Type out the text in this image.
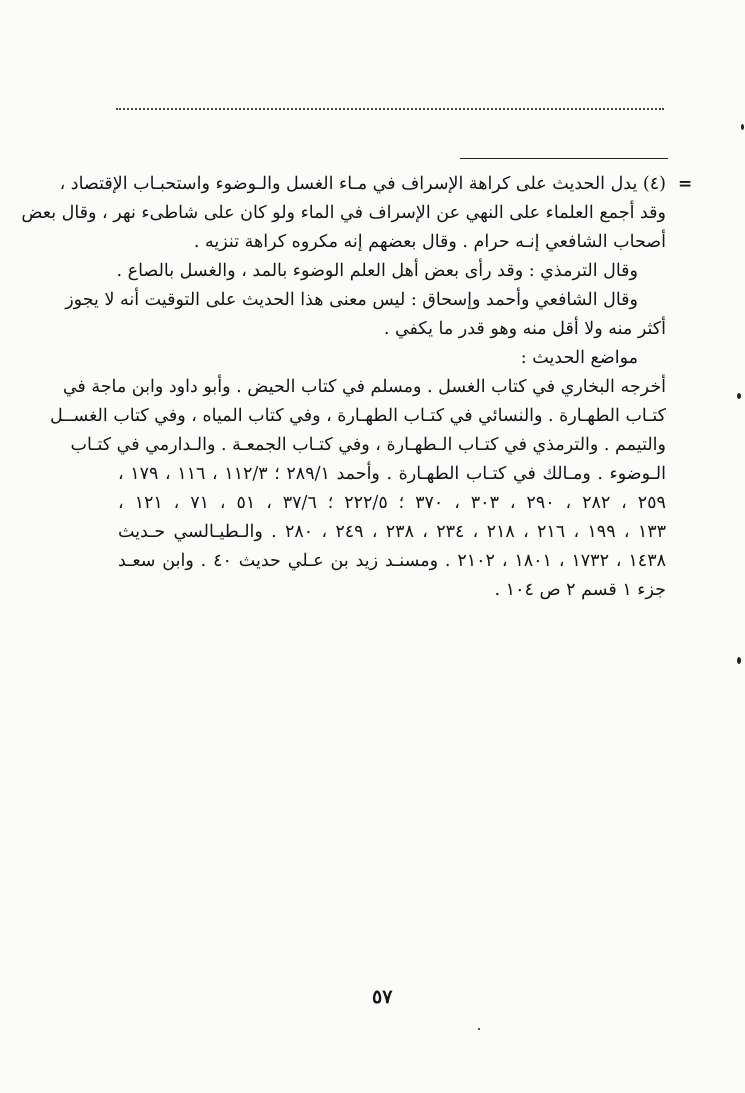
=
(٤) يدل الحديث على كراهة الإسراف في مـاء الغسل والـوضوء واستحبـاب الإقتصاد ،
وقد أجمع العلماء على النهي عن الإسراف في الماء ولو كان على شاطىء نهر ، وقال بعض
أصحاب الشافعي إنـه حرام . وقال بعضهم إنه مكروه كراهة تنزيه .
وقال الترمذي : وقد رأى بعض أهل العلم الوضوء بالمد ، والغسل بالصاع .
وقال الشافعي وأحمد وإسحاق : ليس معنى هذا الحديث على التوقيت أنه لا يجوز
أكثر منه ولا أقل منه وهو قدر ما يكفي .
مواضع الحديث :
أخرجه البخاري في كتاب الغسل . ومسلم في كتاب الحيض . وأبو داود وابن ماجة في
كتـاب الطهـارة . والنسائي في كتـاب الطهـارة ، وفي كتاب المياه ، وفي كتاب الغســل
والتيمم . والترمذي في كتـاب الـطهـارة ، وفي كتـاب الجمعـة . والـدارمي في كتـاب
الـوضوء . ومـالك في كتـاب الطهـارة . وأحمد ٢٨٩/١ ؛ ١١٢/٣ ، ١١٦ ، ١٧٩ ،
٢٥٩ ، ٢٨٢ ، ٢٩٠ ، ٣٠٣ ، ٣٧٠ ؛ ٢٢٢/٥ ؛ ٣٧/٦ ، ٥١ ، ٧١ ، ١٢١ ،
١٣٣ ، ١٩٩ ، ٢١٦ ، ٢١٨ ، ٢٣٤ ، ٢٣٨ ، ٢٤٩ ، ٢٨٠ . والـطيـالسي حـديث
١٤٣٨ ، ١٧٣٢ ، ١٨٠١ ، ٢١٠٢ . ومسنـد زيد بن عـلي حديث ٤٠ . وابن سعـد
جزء ١ قسم ٢ ص ١٠٤ .
٥٧
